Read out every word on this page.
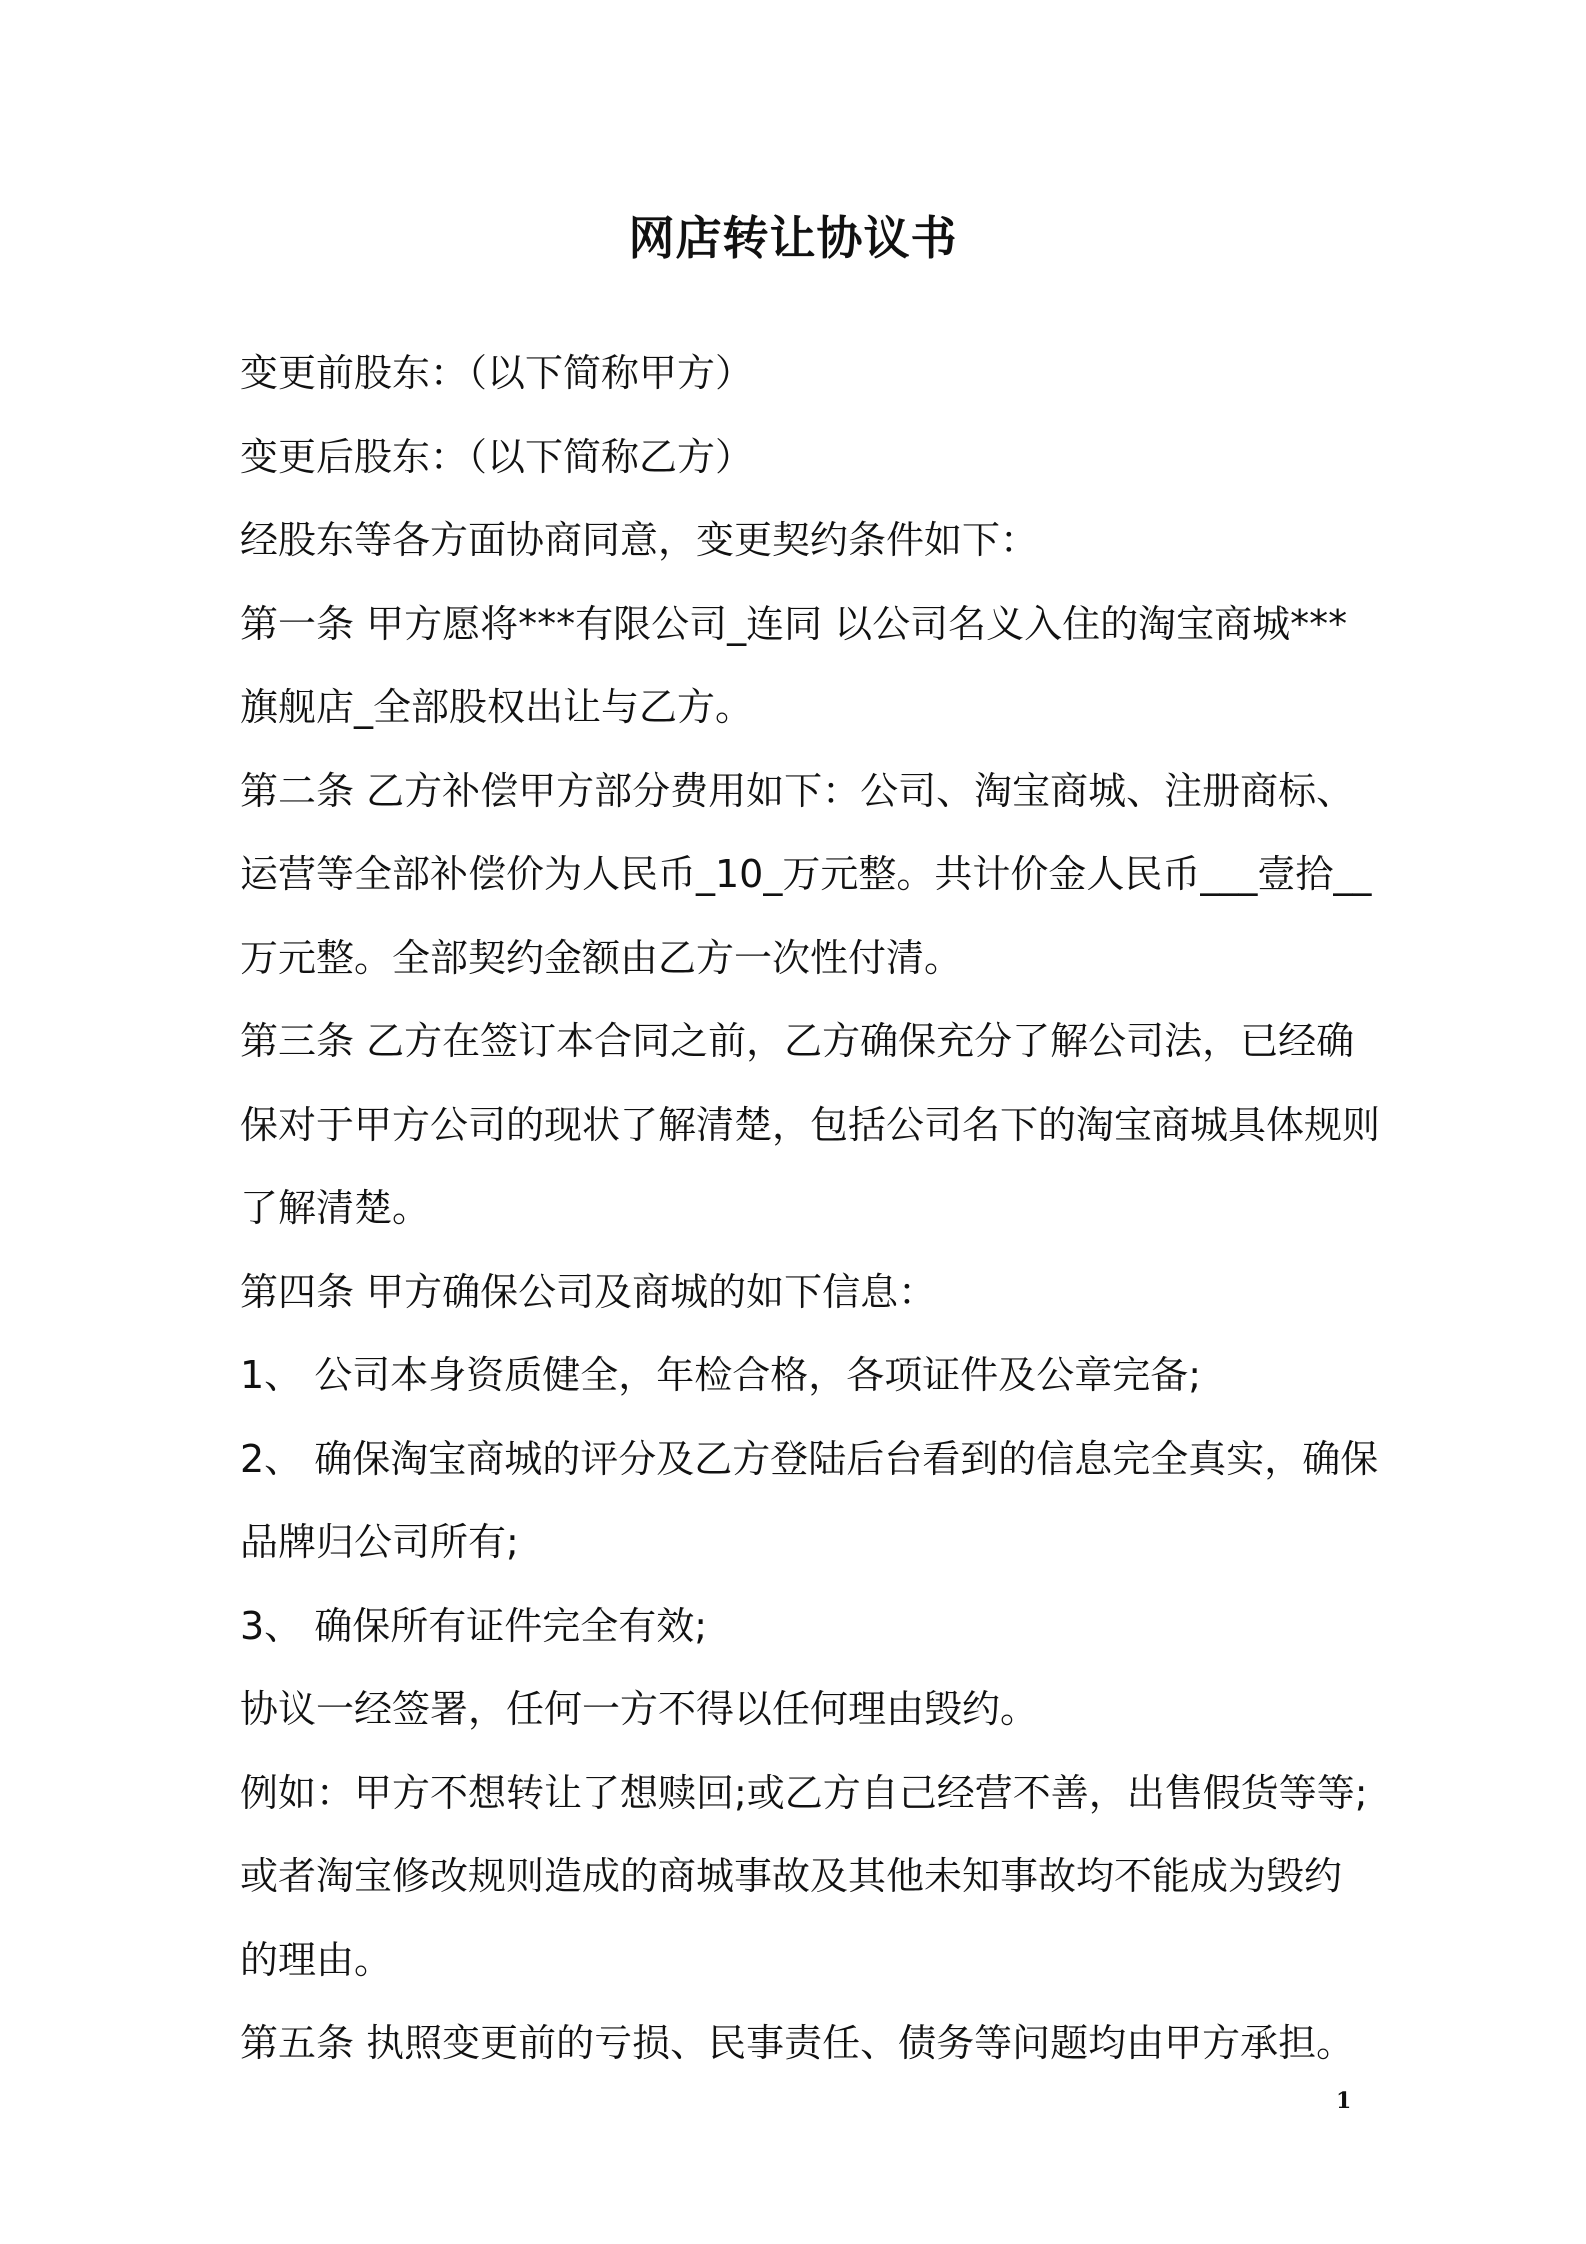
网店转让协议书
变更前股东：（以下简称甲方）
变更后股东：（以下简称乙方）
经股东等各方面协商同意，变更契约条件如下：
第一条 甲方愿将***有限公司_连同 以公司名义入住的淘宝商城***
旗舰店_全部股权出让与乙方。
第二条 乙方补偿甲方部分费用如下：公司、淘宝商城、注册商标、
运营等全部补偿价为人民币_10_万元整。共计价金人民币___壹拾__
万元整。全部契约金额由乙方一次性付清。
第三条 乙方在签订本合同之前，乙方确保充分了解公司法，已经确
保对于甲方公司的现状了解清楚，包括公司名下的淘宝商城具体规则
了解清楚。
第四条 甲方确保公司及商城的如下信息：
1、 公司本身资质健全，年检合格，各项证件及公章完备;
2、 确保淘宝商城的评分及乙方登陆后台看到的信息完全真实，确保
品牌归公司所有;
3、 确保所有证件完全有效;
协议一经签署，任何一方不得以任何理由毁约。
例如：甲方不想转让了想赎回;或乙方自己经营不善，出售假货等等;
或者淘宝修改规则造成的商城事故及其他未知事故均不能成为毁约
的理由。
第五条 执照变更前的亏损、民事责任、债务等问题均由甲方承担。
1
